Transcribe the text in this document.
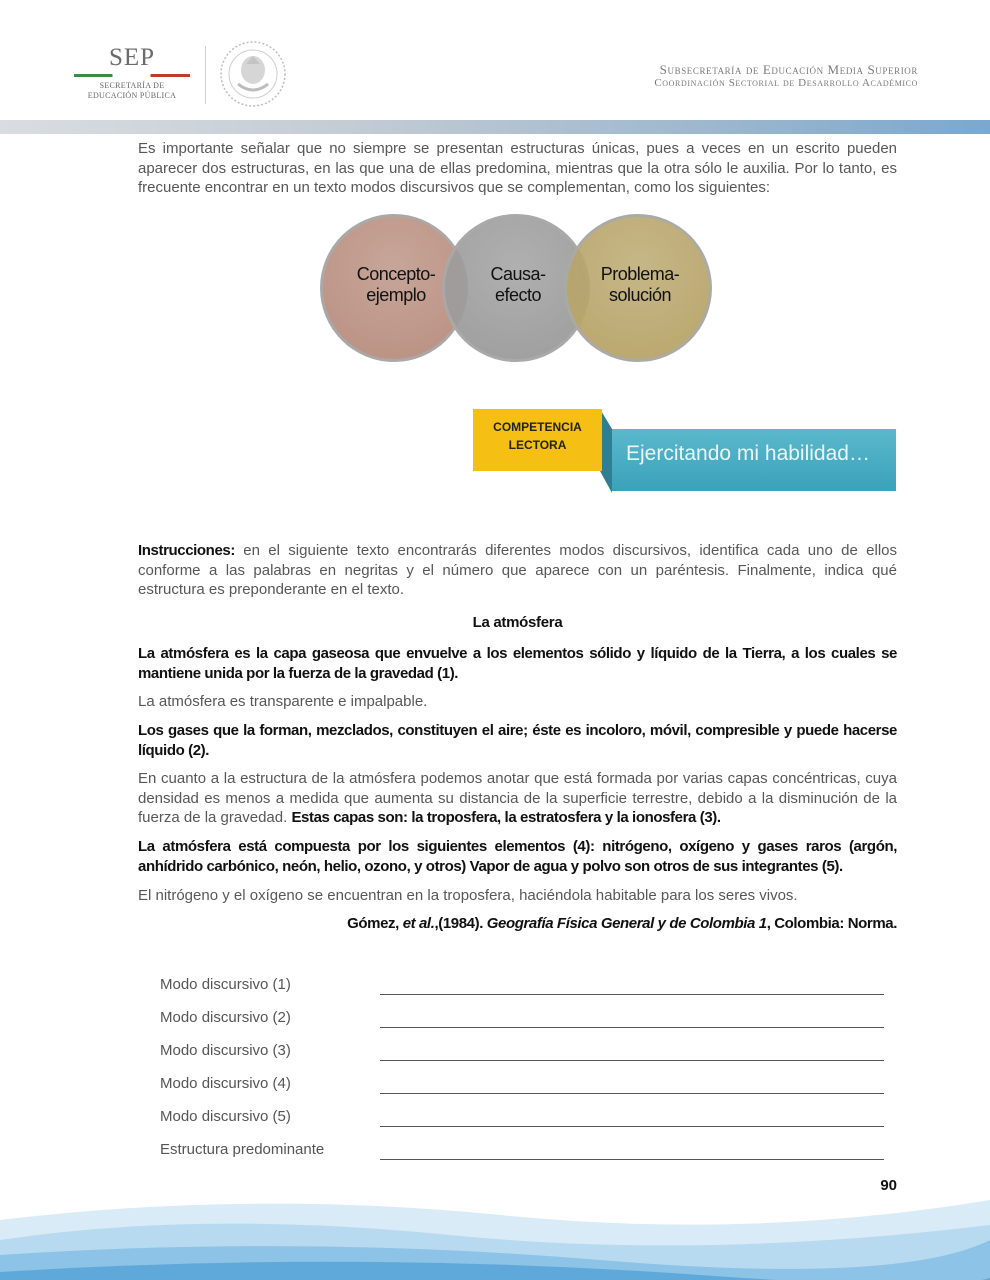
SEP
SECRETARÍA DE
EDUCACIÓN PÚBLICA
Subsecretaría de Educación Media Superior
Coordinación Sectorial de Desarrollo Académico
Es importante señalar que no siempre se presentan estructuras únicas, pues a veces en un escrito pueden aparecer dos estructuras, en las que una de ellas predomina, mientras que la otra sólo le auxilia. Por lo tanto, es frecuente encontrar en un texto modos discursivos que se complementan, como los siguientes:
Concepto-
ejemplo
Causa-
efecto
Problema-
solución
Ejercitando mi habilidad…
COMPETENCIA
LECTORA
Instrucciones: en el siguiente texto encontrarás diferentes modos discursivos, identifica cada uno de ellos conforme a las palabras en negritas y el número que aparece con un paréntesis. Finalmente, indica qué estructura es preponderante en el texto.
La atmósfera
La atmósfera es la capa gaseosa que envuelve a los elementos sólido y líquido de la Tierra, a los cuales se mantiene unida por la fuerza de la gravedad (1).
La atmósfera es transparente e impalpable.
Los gases que la forman, mezclados, constituyen el aire; éste es incoloro, móvil, compresible y puede hacerse líquido (2).
En cuanto a la estructura de la atmósfera podemos anotar que está formada por varias capas concéntricas, cuya densidad es menos a medida que aumenta su distancia de la superficie terrestre, debido a la disminución de la fuerza de la gravedad. Estas capas son: la troposfera, la estratosfera y la ionosfera (3).
La atmósfera está compuesta por los siguientes elementos (4): nitrógeno, oxígeno y gases raros (argón, anhídrido carbónico, neón, helio, ozono, y otros) Vapor de agua y polvo son otros de sus integrantes (5).
El nitrógeno y el oxígeno se encuentran en la troposfera, haciéndola habitable para los seres vivos.
Gómez, et al.,(1984). Geografía Física General y de Colombia 1, Colombia: Norma.
Modo discursivo (1)
Modo discursivo (2)
Modo discursivo (3)
Modo discursivo (4)
Modo discursivo (5)
Estructura predominante
90
